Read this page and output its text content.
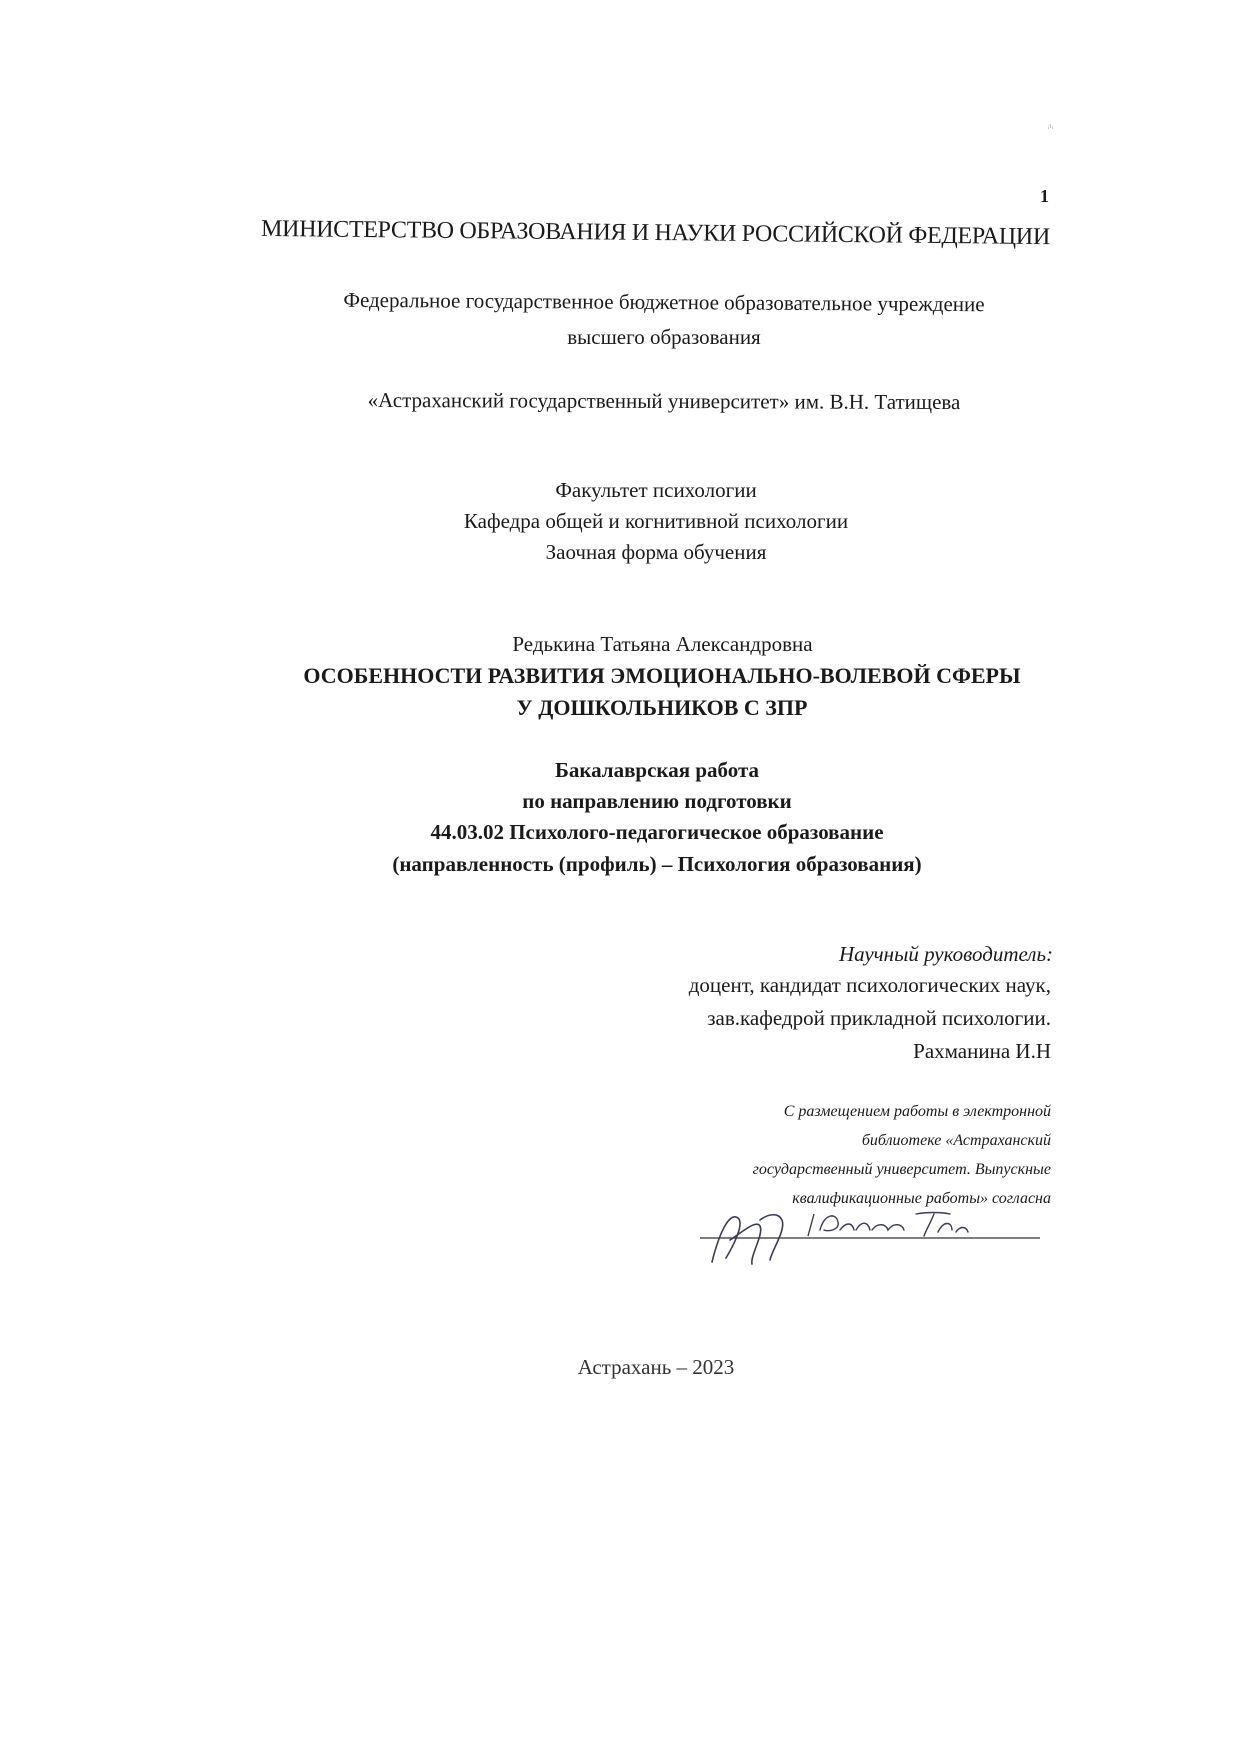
ᵢₗᵢ
1
МИНИСТЕРСТВО ОБРАЗОВАНИЯ И НАУКИ РОССИЙСКОЙ ФЕДЕРАЦИИ
Федеральное государственное бюджетное образовательное учреждение
высшего образования
«Астраханский государственный университет» им. В.Н. Татищева
Факультет психологии
Кафедра общей и когнитивной психологии
Заочная форма обучения
Редькина Татьяна Александровна
ОСОБЕННОСТИ РАЗВИТИЯ ЭМОЦИОНАЛЬНО-ВОЛЕВОЙ СФЕРЫ
У ДОШКОЛЬНИКОВ С ЗПР
Бакалаврская работа
по направлению подготовки
44.03.02 Психолого-педагогическое образование
(направленность (профиль) – Психология образования)
Научный руководитель:
доцент, кандидат психологических наук,
зав.кафедрой прикладной психологии.
Рахманина И.Н
С размещением работы в электронной
библиотеке «Астраханский
государственный университет. Выпускные
квалификационные работы» согласна
Астрахань – 2023
